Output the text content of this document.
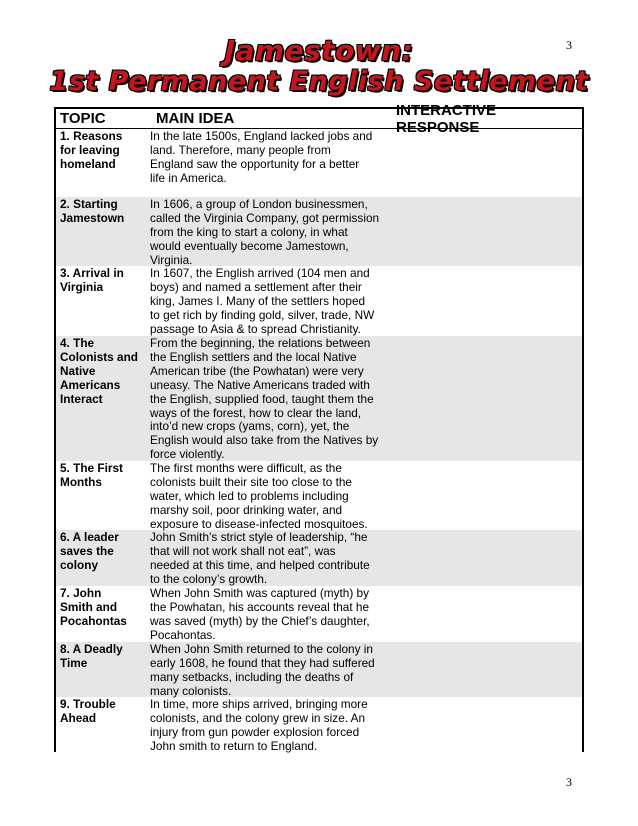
3
Jamestown:
1st Permanent English Settlement
TOPIC	MAIN IDEA	INTERACTIVE RESPONSE
1. Reasons
for leaving
homeland
In the late 1500s, England lacked jobs and
land. Therefore, many people from
England saw the opportunity for a better
life in America.
2. Starting
Jamestown
In 1606, a group of London businessmen,
called the Virginia Company, got permission
from the king to start a colony, in what
would eventually become Jamestown,
Virginia.
3. Arrival in
Virginia
In 1607, the English arrived (104 men and
boys) and named a settlement after their
king, James I. Many of the settlers hoped
to get rich by finding gold, silver, trade, NW
passage to Asia & to spread Christianity.
4. The
Colonists and
Native
Americans
Interact
From the beginning, the relations between
the English settlers and the local Native
American tribe (the Powhatan) were very
uneasy. The Native Americans traded with
the English, supplied food, taught them the
ways of the forest, how to clear the land,
into’d new crops (yams, corn), yet, the
English would also take from the Natives by
force violently.
5. The First
Months
The first months were difficult, as the
colonists built their site too close to the
water, which led to problems including
marshy soil, poor drinking water, and
exposure to disease-infected mosquitoes.
6. A leader
saves the
colony
John Smith’s strict style of leadership, “he
that will not work shall not eat”, was
needed at this time, and helped contribute
to the colony’s growth.
7. John
Smith and
Pocahontas
When John Smith was captured (myth) by
the Powhatan, his accounts reveal that he
was saved (myth) by the Chief’s daughter,
Pocahontas.
8. A Deadly
Time
When John Smith returned to the colony in
early 1608, he found that they had suffered
many setbacks, including the deaths of
many colonists.
9. Trouble
Ahead
In time, more ships arrived, bringing more
colonists, and the colony grew in size. An
injury from gun powder explosion forced
John smith to return to England.
3
